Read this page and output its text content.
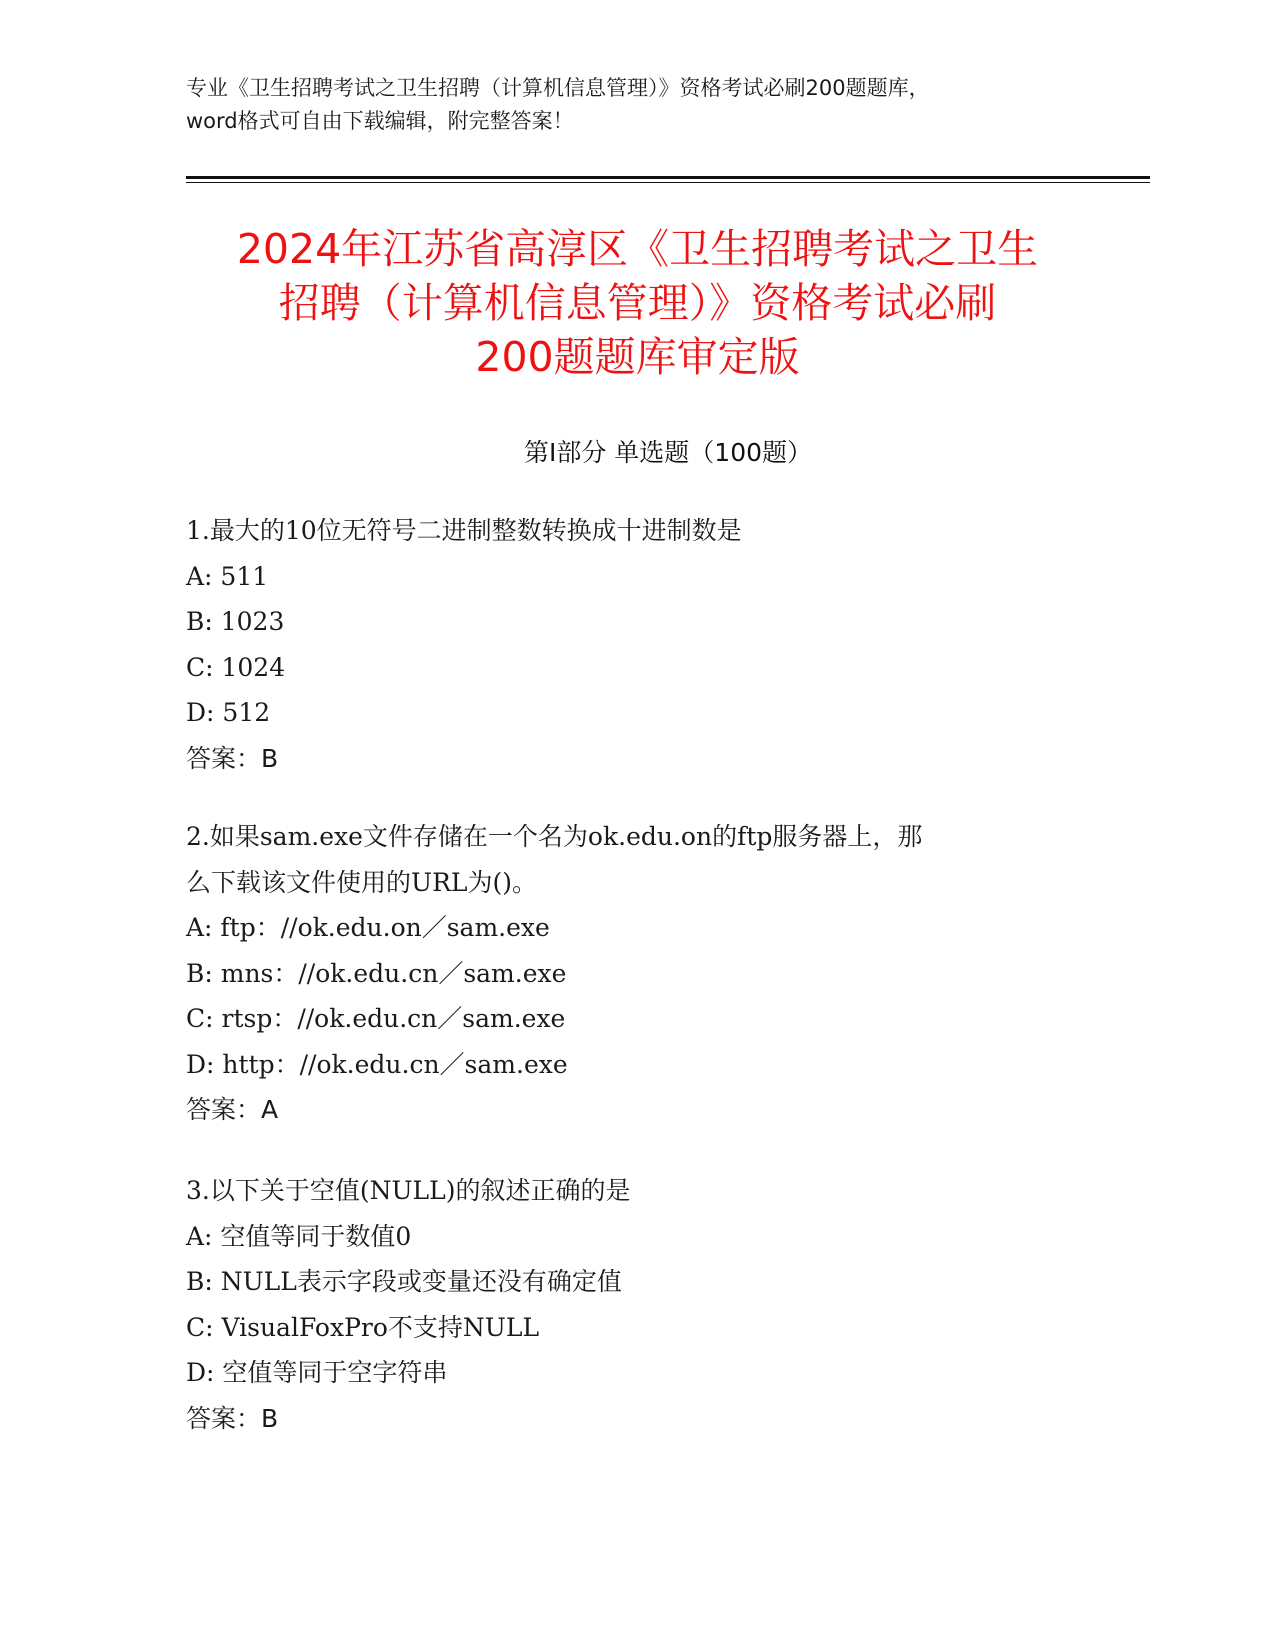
专业《卫生招聘考试之卫生招聘（计算机信息管理）》资格考试必刷200题题库，
word格式可自由下载编辑，附完整答案！
2024年江苏省高淳区《卫生招聘考试之卫生
招聘（计算机信息管理）》资格考试必刷
200题题库审定版
第Ⅰ部分 单选题（100题）
1.最大的10位无符号二进制整数转换成十进制数是
A: 511
B: 1023
C: 1024
D: 512
答案：B
2.如果sam.exe文件存储在一个名为ok.edu.on的ftp服务器上，那
么下载该文件使用的URL为()。
A: ftp：//ok.edu.on／sam.exe
B: mns：//ok.edu.cn／sam.exe
C: rtsp：//ok.edu.cn／sam.exe
D: http：//ok.edu.cn／sam.exe
答案：A
3.以下关于空值(NULL)的叙述正确的是
A: 空值等同于数值0
B: NULL表示字段或变量还没有确定值
C: VisualFoxPro不支持NULL
D: 空值等同于空字符串
答案：B
